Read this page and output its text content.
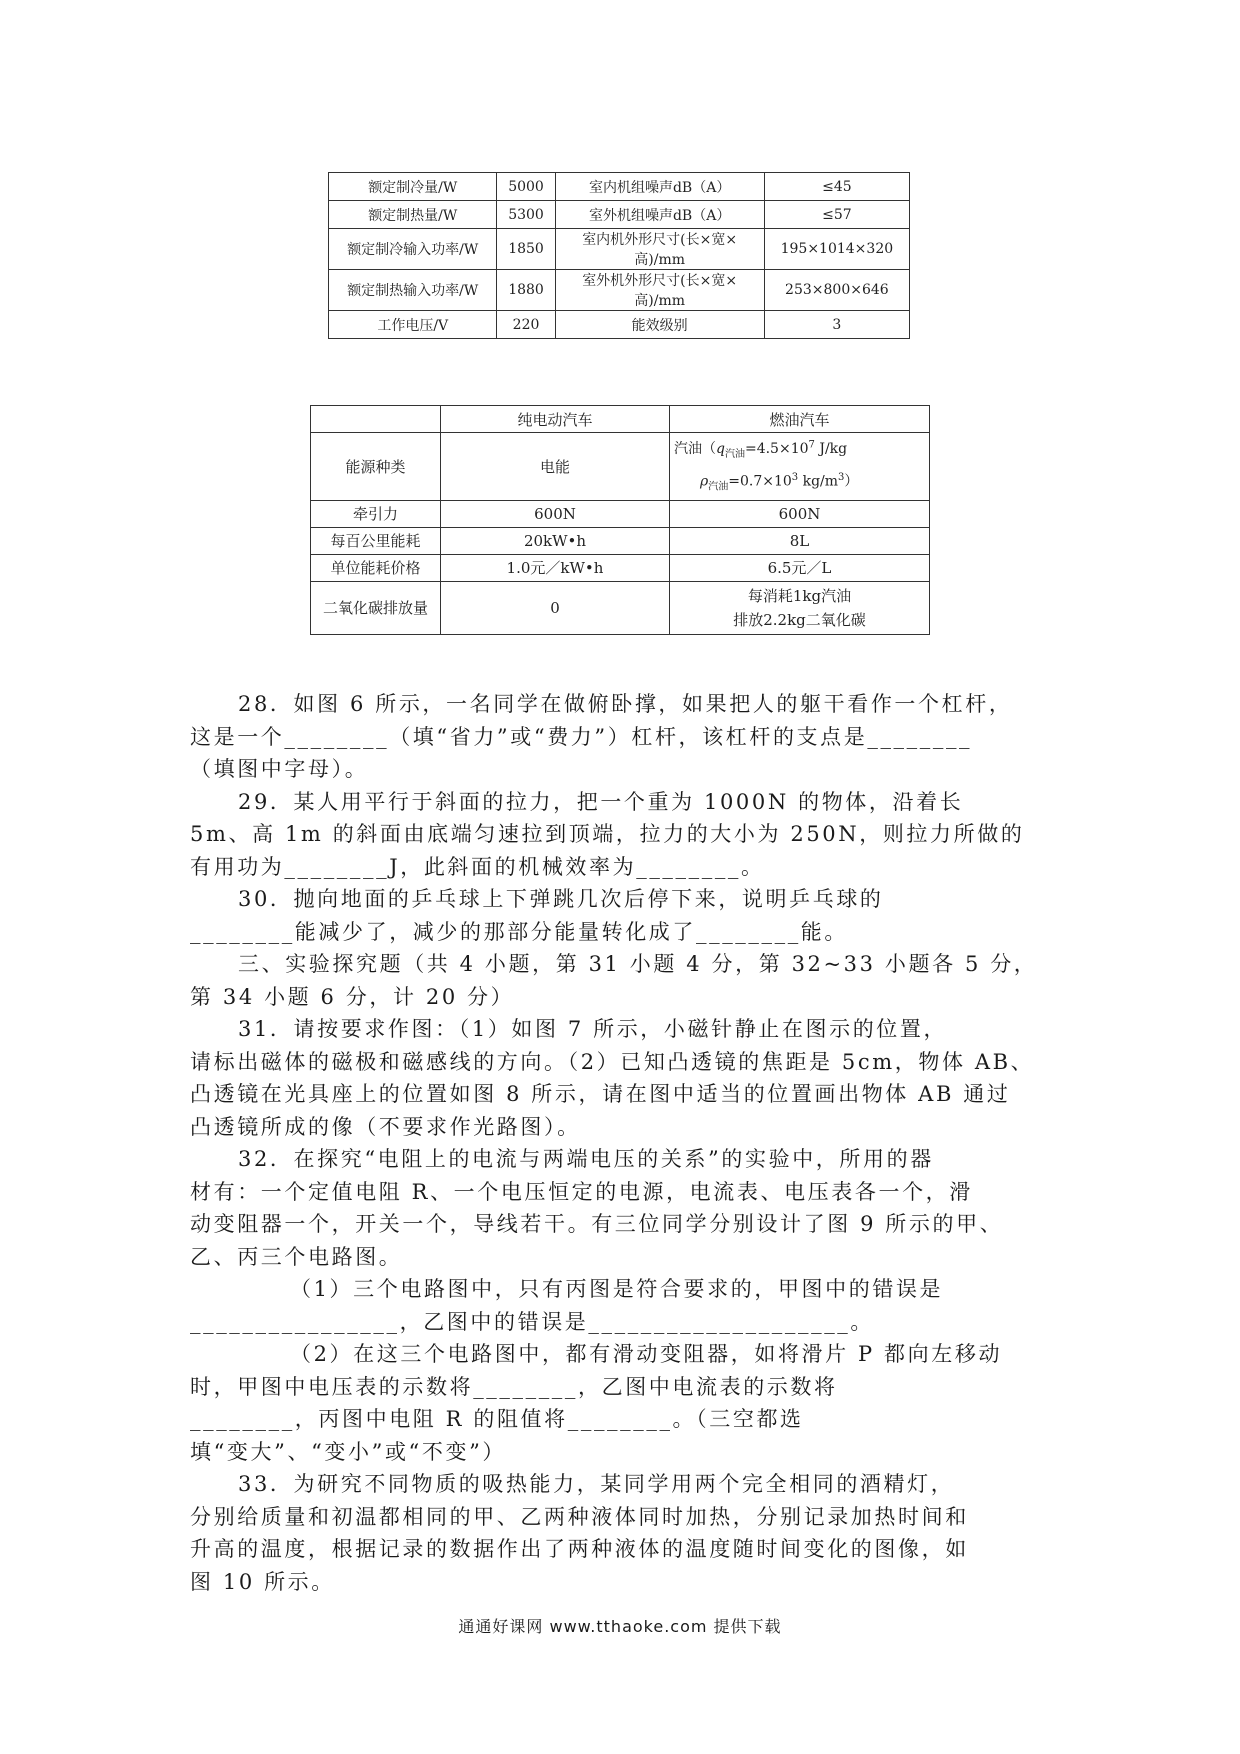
额定制冷量/W	5000	室内机组噪声dB（A）	≤45
额定制热量/W	5300	室外机组噪声dB（A）	≤57
额定制冷输入功率/W	1850	室内机外形尺寸(长×宽×高)/mm	195×1014×320
额定制热输入功率/W	1880	室外机外形尺寸(长×宽×高)/mm	253×800×646
工作电压/V	220	能效级别	3
	纯电动汽车	燃油汽车
能源种类	电能	汽油（$q_{汽油}=4.5\times 10^7$ J/kg
$\rho_{汽油}=0.7\times 10^3$ $kg/m^3$）

牵引力	600N	600N
每百公里能耗	20kW•h	8L
单位能耗价格	1.0元／kW•h	6.5元／L
二氧化碳排放量	0	每消耗1kg汽油
排放2.2kg二氧化碳

28．如图 6 所示，一名同学在做俯卧撑，如果把人的躯干看作一个杠杆，

这是一个________（填“省力”或“费力”）杠杆，该杠杆的支点是________

（填图中字母）。

29．某人用平行于斜面的拉力，把一个重为 1000N 的物体，沿着长

5m、高 1m 的斜面由底端匀速拉到顶端，拉力的大小为 250N，则拉力所做的

有用功为________J，此斜面的机械效率为________。

30．抛向地面的乒乓球上下弹跳几次后停下来，说明乒乓球的

________能减少了，减少的那部分能量转化成了________能。

三、实验探究题（共 4 小题，第 31 小题 4 分，第 32~33 小题各 5 分，

第 34 小题 6 分，计 20 分）

31．请按要求作图：（1）如图 7 所示，小磁针静止在图示的位置，

请标出磁体的磁极和磁感线的方向。（2）已知凸透镜的焦距是 5cm，物体 AB、

凸透镜在光具座上的位置如图 8 所示，请在图中适当的位置画出物体 AB 通过

凸透镜所成的像（不要求作光路图）。

32．在探究“电阻上的电流与两端电压的关系”的实验中，所用的器

材有：一个定值电阻 R、一个电压恒定的电源，电流表、电压表各一个，滑

动变阻器一个，开关一个，导线若干。有三位同学分别设计了图 9 所示的甲、

乙、丙三个电路图。

（1）三个电路图中，只有丙图是符合要求的，甲图中的错误是

________________，乙图中的错误是____________________。

（2）在这三个电路图中，都有滑动变阻器，如将滑片 P 都向左移动

时，甲图中电压表的示数将________，乙图中电流表的示数将

________，丙图中电阻 R 的阻值将________。（三空都选

填“变大”、“变小”或“不变”）

33．为研究不同物质的吸热能力，某同学用两个完全相同的酒精灯，

分别给质量和初温都相同的甲、乙两种液体同时加热，分别记录加热时间和

升高的温度，根据记录的数据作出了两种液体的温度随时间变化的图像，如

图 10 所示。

通通好课网 www.tthaoke.com 提供下载
